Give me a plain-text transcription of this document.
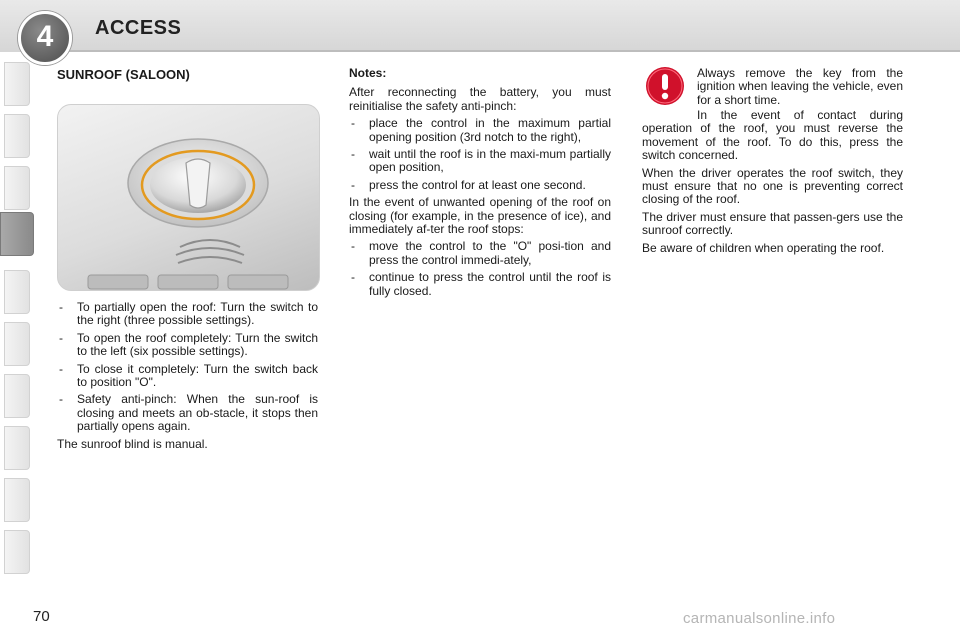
4	ACCESS
SUNROOF (SALOON)
- To partially open the roof: Turn the switch to the right (three possible settings).
- To open the roof completely: Turn the switch to the left (six possible settings).
- To close it completely: Turn the switch back to position "O".
- Safety anti-pinch: When the sun-roof is closing and meets an ob-stacle, it stops then partially opens again.

The sunroof blind is manual.

Notes:

After reconnecting the battery, you must reinitialise the safety anti-pinch:

- place the control in the maximum partial opening position (3rd notch to the right),
- wait until the roof is in the maxi-mum partially open position,
- press the control for at least one second.

In the event of unwanted opening of the roof on closing (for example, in the presence of ice), and immediately af-ter the roof stops:

- move the control to the "O" posi-tion and press the control immedi-ately,
- continue to press the control until the roof is fully closed.

Always remove the key from the ignition when leaving the vehicle, even for a short time.

In the event of contact during operation of the roof, you must reverse the movement of the roof. To do this, press the switch concerned.

When the driver operates the roof switch, they must ensure that no one is preventing correct closing of the roof.

The driver must ensure that passen-gers use the sunroof correctly.

Be aware of children when operating the roof.

70	carmanualsonline.info
